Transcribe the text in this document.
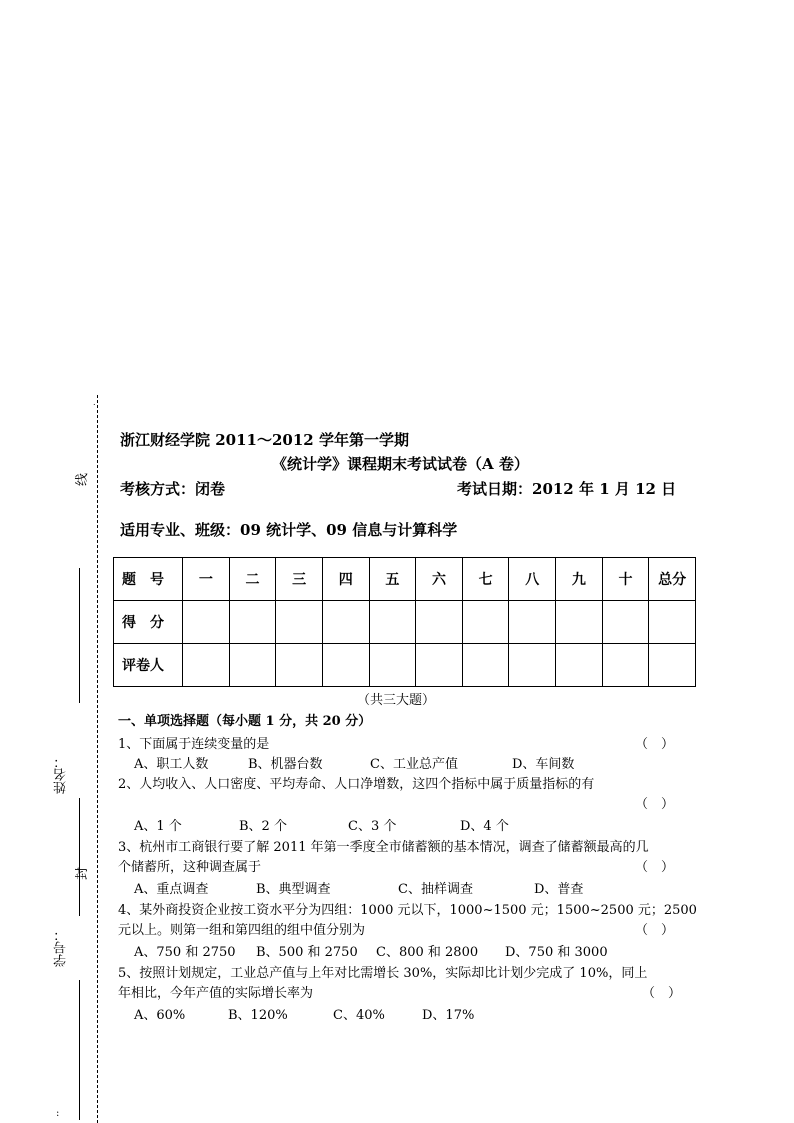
.
线
姓名：
封
学号：
:
浙江财经学院 2011～2012 学年第一学期
《统计学》课程期末考试试卷（A 卷）
考核方式：闭卷	考试日期：2012 年 1 月 12 日
适用专业、班级：09 统计学、09 信息与计算科学
题　号	一	二	三	四	五	六	七	八	九	十	总分
得　分											
评卷人											
（共三大题）
一、单项选择题（每小题 1 分，共 20 分）
1、下面属于连续变量的是	（　）
A、职工人数	B、机器台数	C、工业总产值	D、车间数
2、人均收入、人口密度、平均寿命、人口净增数，这四个指标中属于质量指标的有
（　）
A、1 个	B、2 个	C、3 个	D、4 个
3、杭州市工商银行要了解 2011 年第一季度全市储蓄额的基本情况，调查了储蓄额最高的几
个储蓄所，这种调查属于	（　）
A、重点调查	B、典型调查	C、抽样调查	D、普查
4、某外商投资企业按工资水平分为四组：1000 元以下，1000~1500 元；1500~2500 元；2500
元以上。则第一组和第四组的组中值分别为	（　）
A、750 和 2750 B、500 和 2750 C、800 和 2800 D、750 和 3000
5、按照计划规定，工业总产值与上年对比需增长 30%，实际却比计划少完成了 10%，同上
年相比，今年产值的实际增长率为	（　）
A、60%	B、120%	C、40%	D、17%
